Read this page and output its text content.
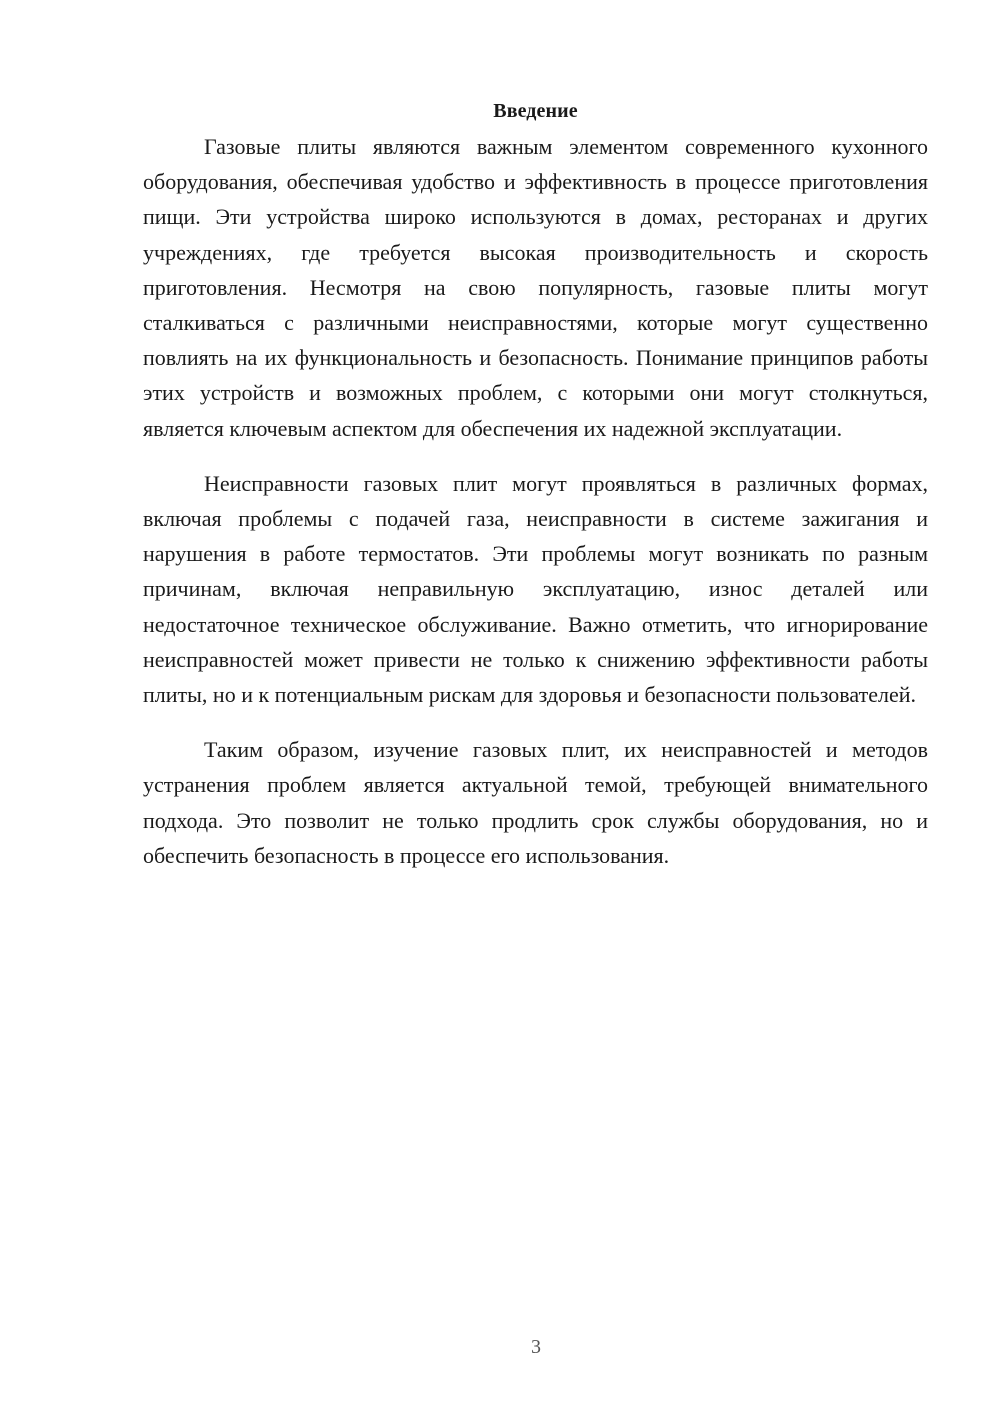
Введение

Газовые плиты являются важным элементом современного кухонного оборудования, обеспечивая удобство и эффективность в процессе приготовления пищи. Эти устройства широко используются в домах, ресторанах и других учреждениях, где требуется высокая производительность и скорость приготовления. Несмотря на свою популярность, газовые плиты могут сталкиваться с различными неисправностями, которые могут существенно повлиять на их функциональность и безопасность. Понимание принципов работы этих устройств и возможных проблем, с которыми они могут столкнуться, является ключевым аспектом для обеспечения их надежной эксплуатации.

Неисправности газовых плит могут проявляться в различных формах, включая проблемы с подачей газа, неисправности в системе зажигания и нарушения в работе термостатов. Эти проблемы могут возникать по разным причинам, включая неправильную эксплуатацию, износ деталей или недостаточное техническое обслуживание. Важно отметить, что игнорирование неисправностей может привести не только к снижению эффективности работы плиты, но и к потенциальным рискам для здоровья и безопасности пользователей.

Таким образом, изучение газовых плит, их неисправностей и методов устранения проблем является актуальной темой, требующей внимательного подхода. Это позволит не только продлить срок службы оборудования, но и обеспечить безопасность в процессе его использования.

3
